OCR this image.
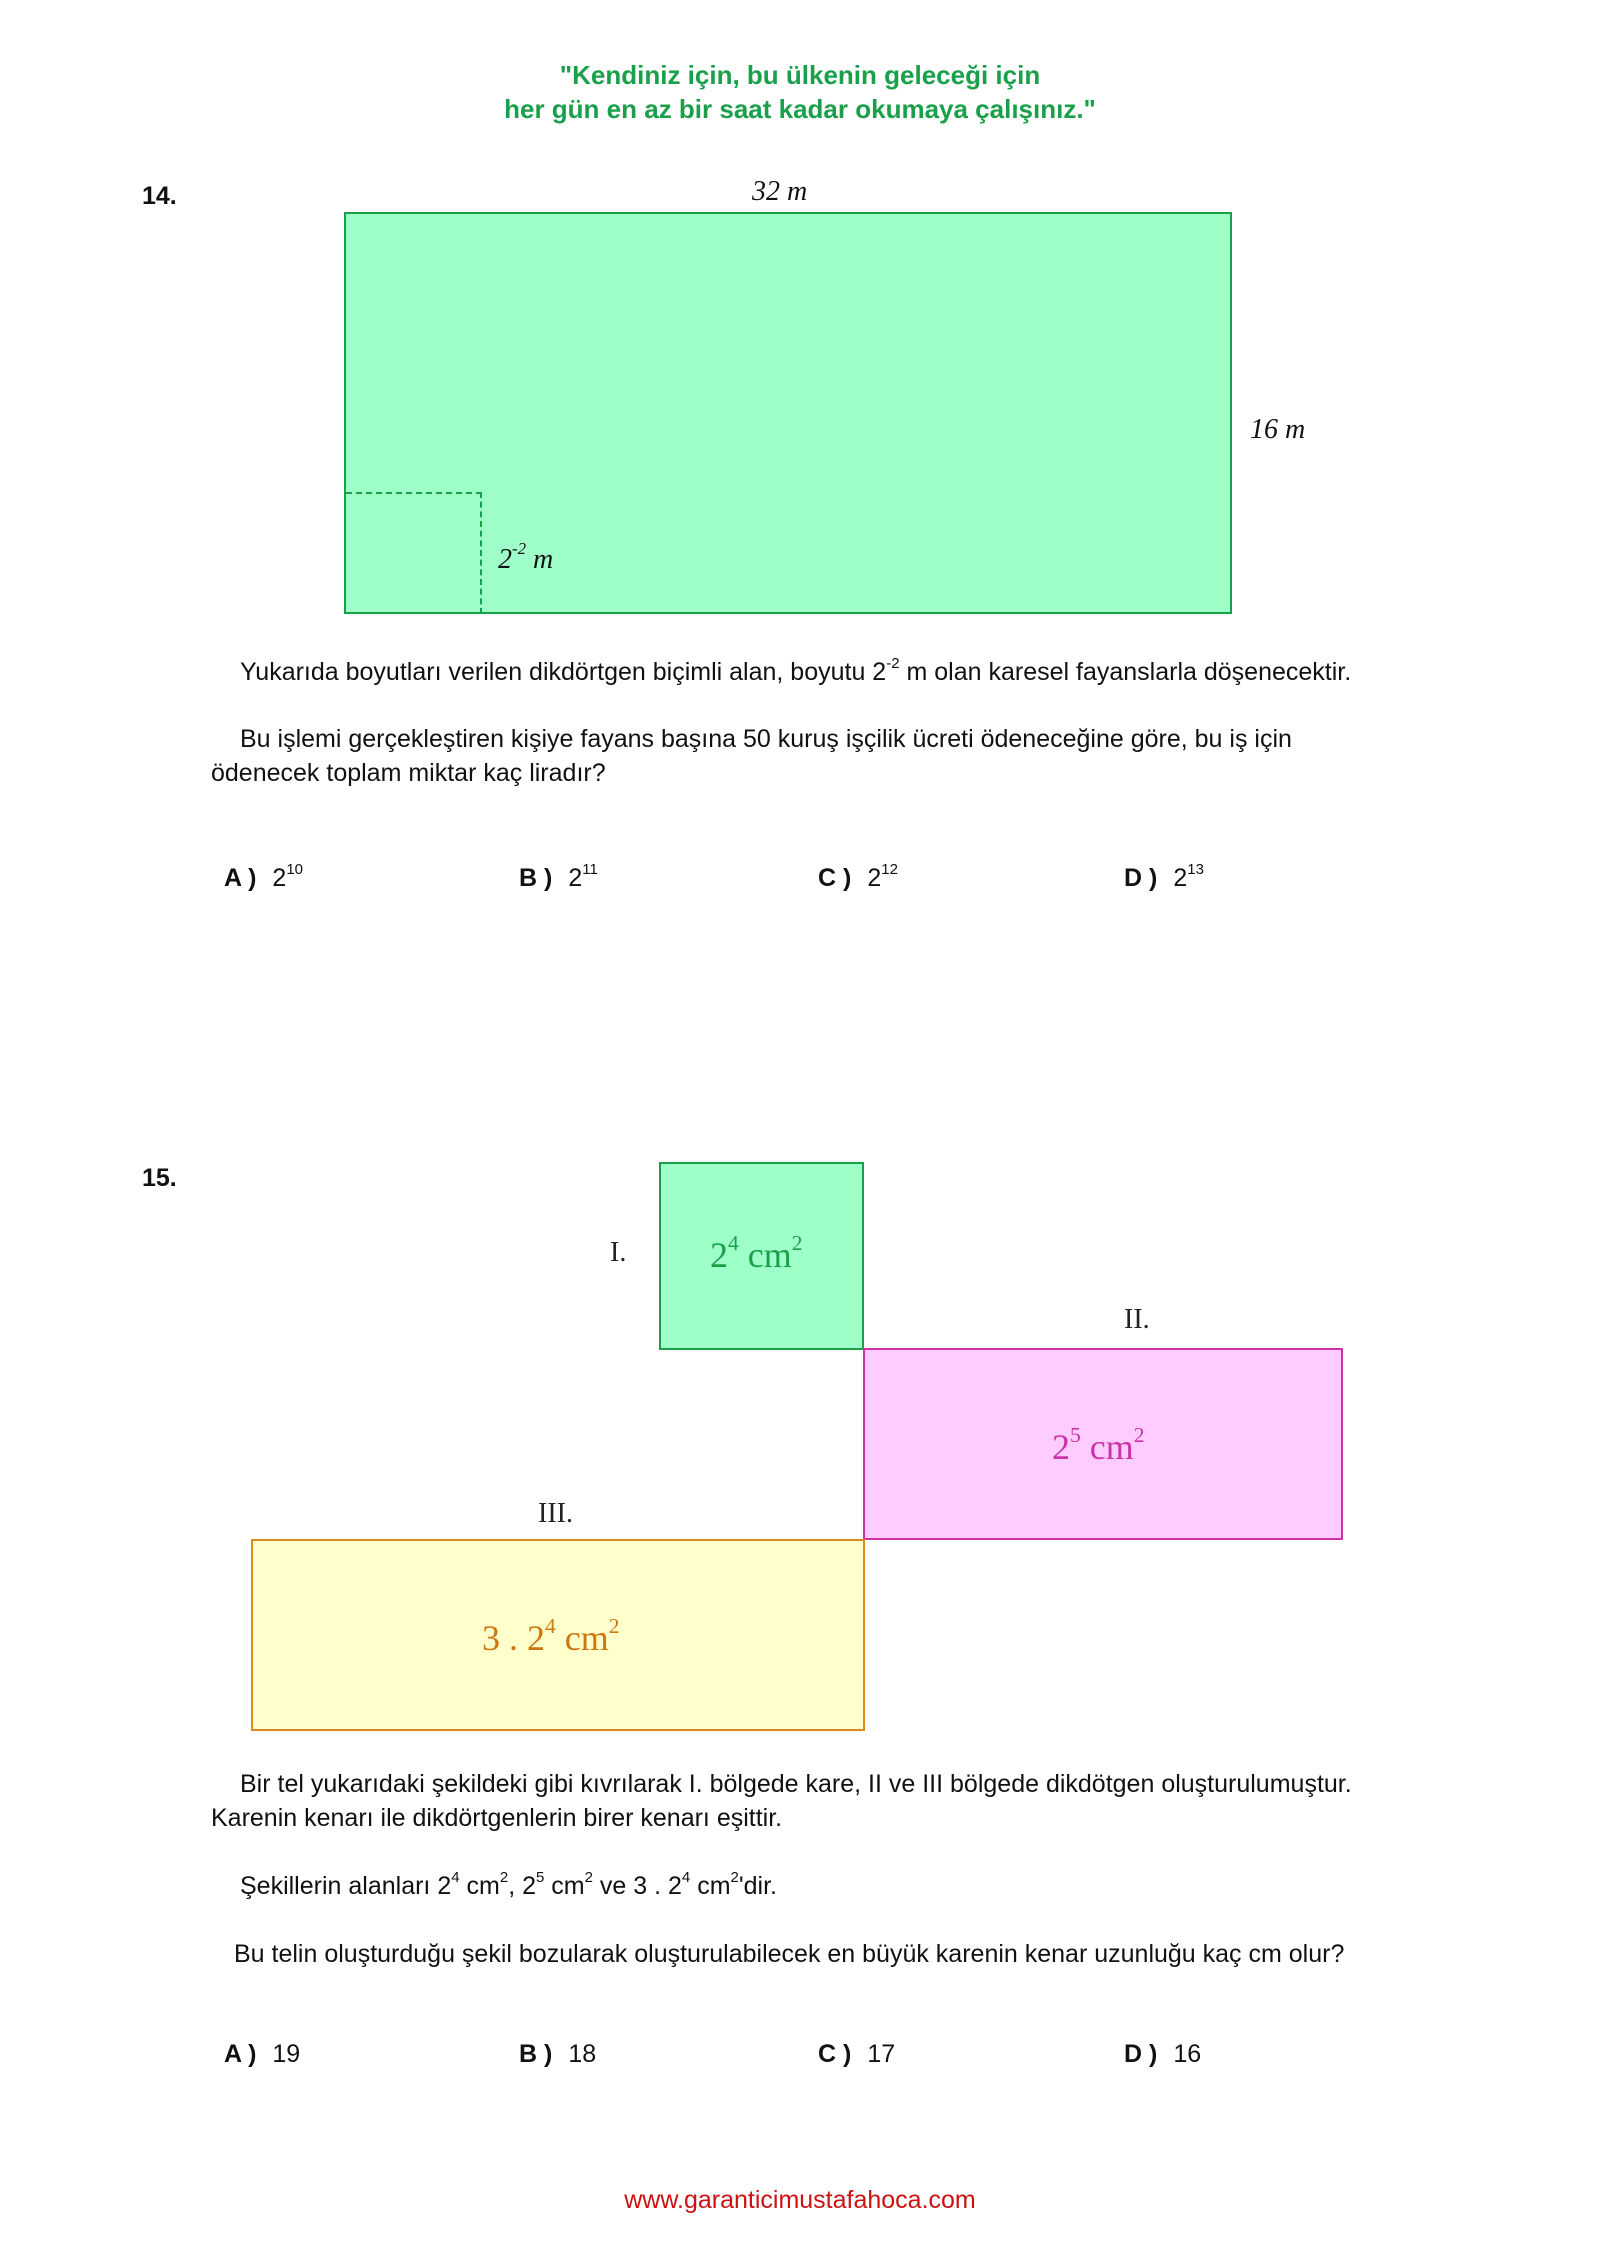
"Kendiniz için, bu ülkenin geleceği için
her gün en az bir saat kadar okumaya çalışınız."
14.	32 m
16 m
$2^{-2}$ m
Yukarıda boyutları verilen dikdörtgen biçimli alan, boyutu $2^{-2}$ m olan karesel fayanslarla döşenecektir.
Bu işlemi gerçekleştiren kişiye fayans başına 50 kuruş işçilik ücreti ödeneceğine göre, bu iş için
ödenecek toplam miktar kaç liradır?
A ) $2^{10}$	B ) $2^{11}$	C ) $2^{12}$	D ) $2^{13}$
15.
I. $2^4$ $cm^2$
II.
$2^5$ $cm^2$
III.
3 . $2^4$ $cm^2$
Bir tel yukarıdaki şekildeki gibi kıvrılarak I. bölgede kare, II ve III bölgede dikdötgen oluşturulumuştur.
Karenin kenarı ile dikdörtgenlerin birer kenarı eşittir.
Şekillerin alanları $2^4$ $cm^2$, $2^5$ $cm^2$ ve 3 . $2^4$ $cm^2'dir$.
Bu telin oluşturduğu şekil bozularak oluşturulabilecek en büyük karenin kenar uzunluğu kaç cm olur?
A ) 19	B ) 18	C ) 17	D ) 16
www.garanticimustafahoca.com
